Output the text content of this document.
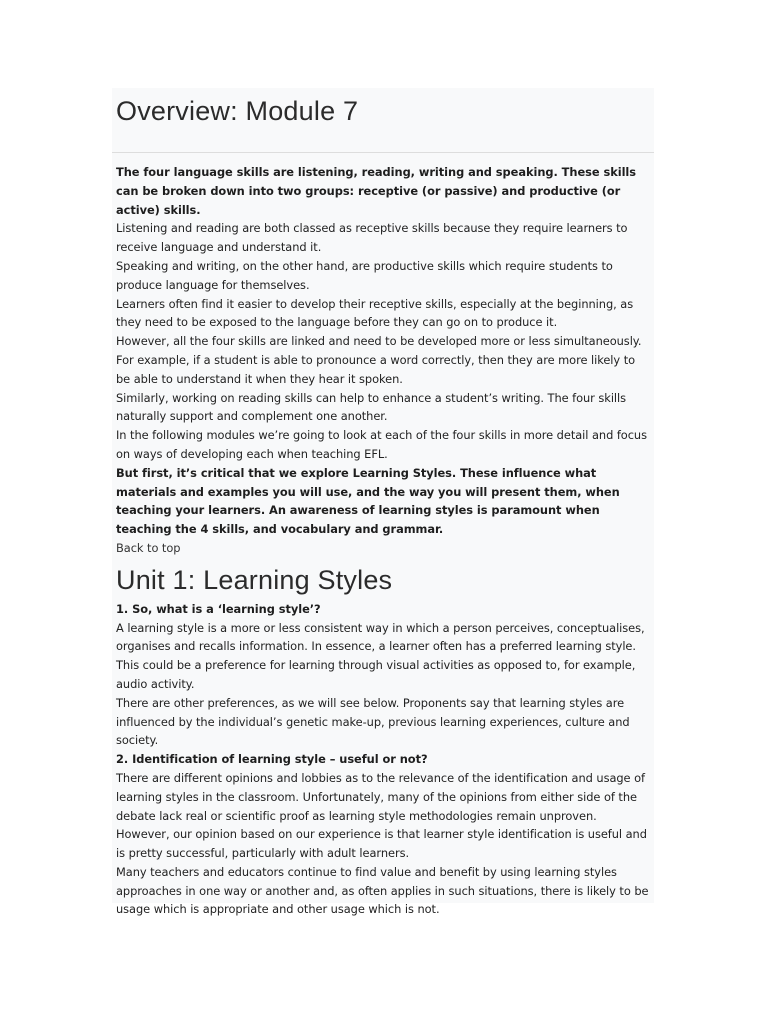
Overview: Module 7

The four language skills are listening, reading, writing and speaking. These skills can be broken down into two groups: receptive (or passive) and productive (or active) skills.

Listening and reading are both classed as receptive skills because they require learners to receive language and understand it.

Speaking and writing, on the other hand, are productive skills which require students to produce language for themselves.

Learners often find it easier to develop their receptive skills, especially at the beginning, as they need to be exposed to the language before they can go on to produce it.

However, all the four skills are linked and need to be developed more or less simultaneously. For example, if a student is able to pronounce a word correctly, then they are more likely to be able to understand it when they hear it spoken.

Similarly, working on reading skills can help to enhance a student’s writing. The four skills naturally support and complement one another.

In the following modules we’re going to look at each of the four skills in more detail and focus on ways of developing each when teaching EFL.

But first, it’s critical that we explore Learning Styles. These influence what materials and examples you will use, and the way you will present them, when teaching your learners. An awareness of learning styles is paramount when teaching the 4 skills, and vocabulary and grammar.

Back to top

Unit 1: Learning Styles

1. So, what is a ‘learning style’?

A learning style is a more or less consistent way in which a person perceives, conceptualises, organises and recalls information. In essence, a learner often has a preferred learning style.

This could be a preference for learning through visual activities as opposed to, for example, audio activity.

There are other preferences, as we will see below. Proponents say that learning styles are influenced by the individual’s genetic make-up, previous learning experiences, culture and society.

2. Identification of learning style – useful or not?

There are different opinions and lobbies as to the relevance of the identification and usage of learning styles in the classroom. Unfortunately, many of the opinions from either side of the debate lack real or scientific proof as learning style methodologies remain unproven.

However, our opinion based on our experience is that learner style identification is useful and is pretty successful, particularly with adult learners.

Many teachers and educators continue to find value and benefit by using learning styles approaches in one way or another and, as often applies in such situations, there is likely to be usage which is appropriate and other usage which is not.
